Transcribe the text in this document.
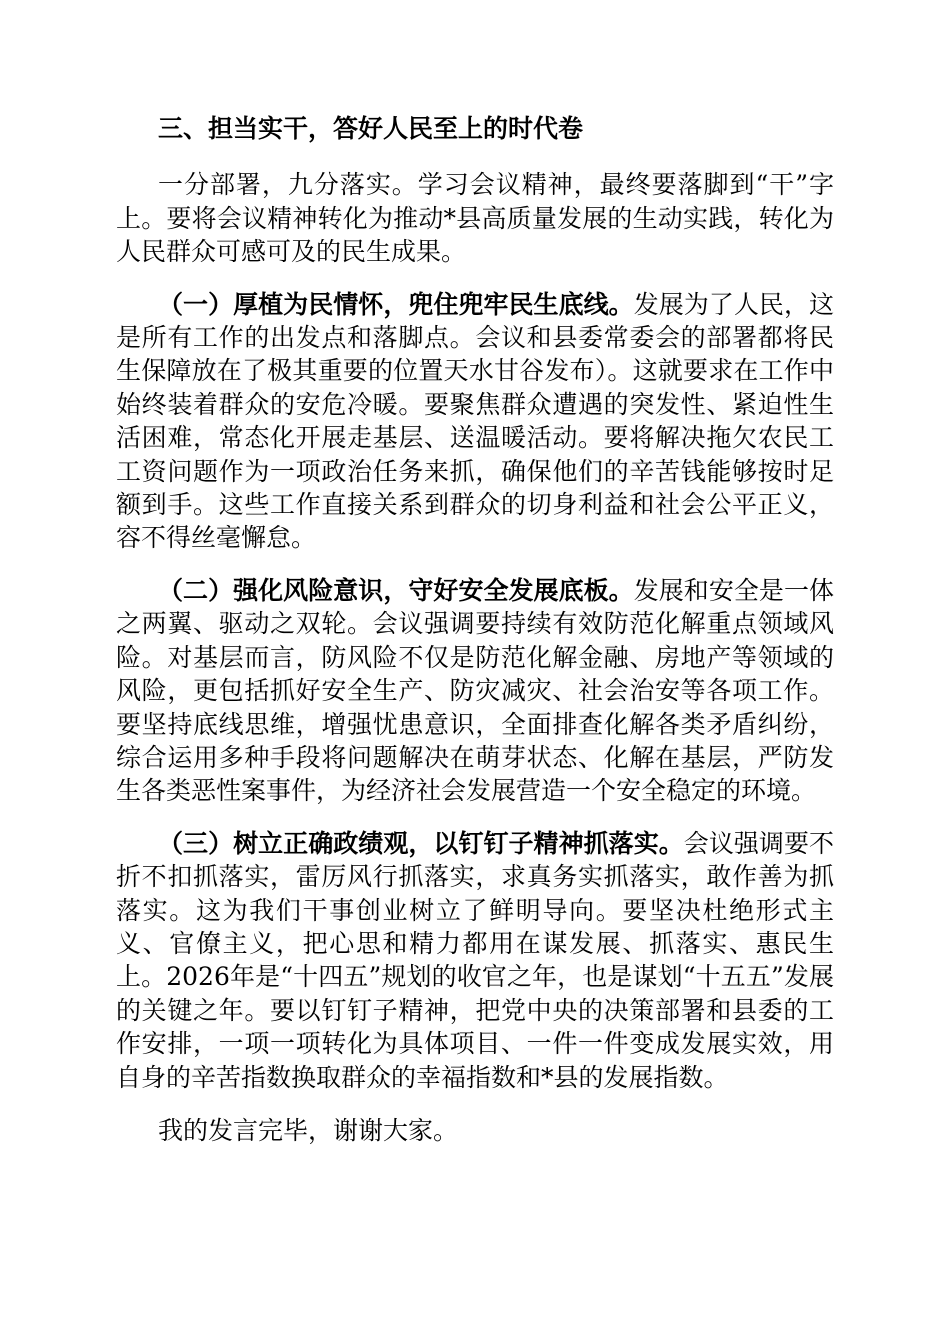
三、担当实干，答好人民至上的时代卷

一分部署，九分落实。学习会议精神，最终要落脚到“干”字上。要将会议精神转化为推动*县高质量发展的生动实践，转化为人民群众可感可及的民生成果。

（一）厚植为民情怀，兜住兜牢民生底线。发展为了人民，这是所有工作的出发点和落脚点。会议和县委常委会的部署都将民生保障放在了极其重要的位置天水甘谷发布）。这就要求在工作中始终装着群众的安危冷暖。要聚焦群众遭遇的突发性、紧迫性生活困难，常态化开展走基层、送温暖活动。要将解决拖欠农民工工资问题作为一项政治任务来抓，确保他们的辛苦钱能够按时足额到手。这些工作直接关系到群众的切身利益和社会公平正义，容不得丝毫懈怠。

（二）强化风险意识，守好安全发展底板。发展和安全是一体之两翼、驱动之双轮。会议强调要持续有效防范化解重点领域风险。对基层而言，防风险不仅是防范化解金融、房地产等领域的风险，更包括抓好安全生产、防灾减灾、社会治安等各项工作。要坚持底线思维，增强忧患意识，全面排查化解各类矛盾纠纷，综合运用多种手段将问题解决在萌芽状态、化解在基层，严防发生各类恶性案事件，为经济社会发展营造一个安全稳定的环境。

（三）树立正确政绩观，以钉钉子精神抓落实。会议强调要不折不扣抓落实，雷厉风行抓落实，求真务实抓落实，敢作善为抓落实。这为我们干事创业树立了鲜明导向。要坚决杜绝形式主义、官僚主义，把心思和精力都用在谋发展、抓落实、惠民生上。2026年是“十四五”规划的收官之年，也是谋划“十五五”发展的关键之年。要以钉钉子精神，把党中央的决策部署和县委的工作安排，一项一项转化为具体项目、一件一件变成发展实效，用自身的辛苦指数换取群众的幸福指数和*县的发展指数。

我的发言完毕，谢谢大家。
